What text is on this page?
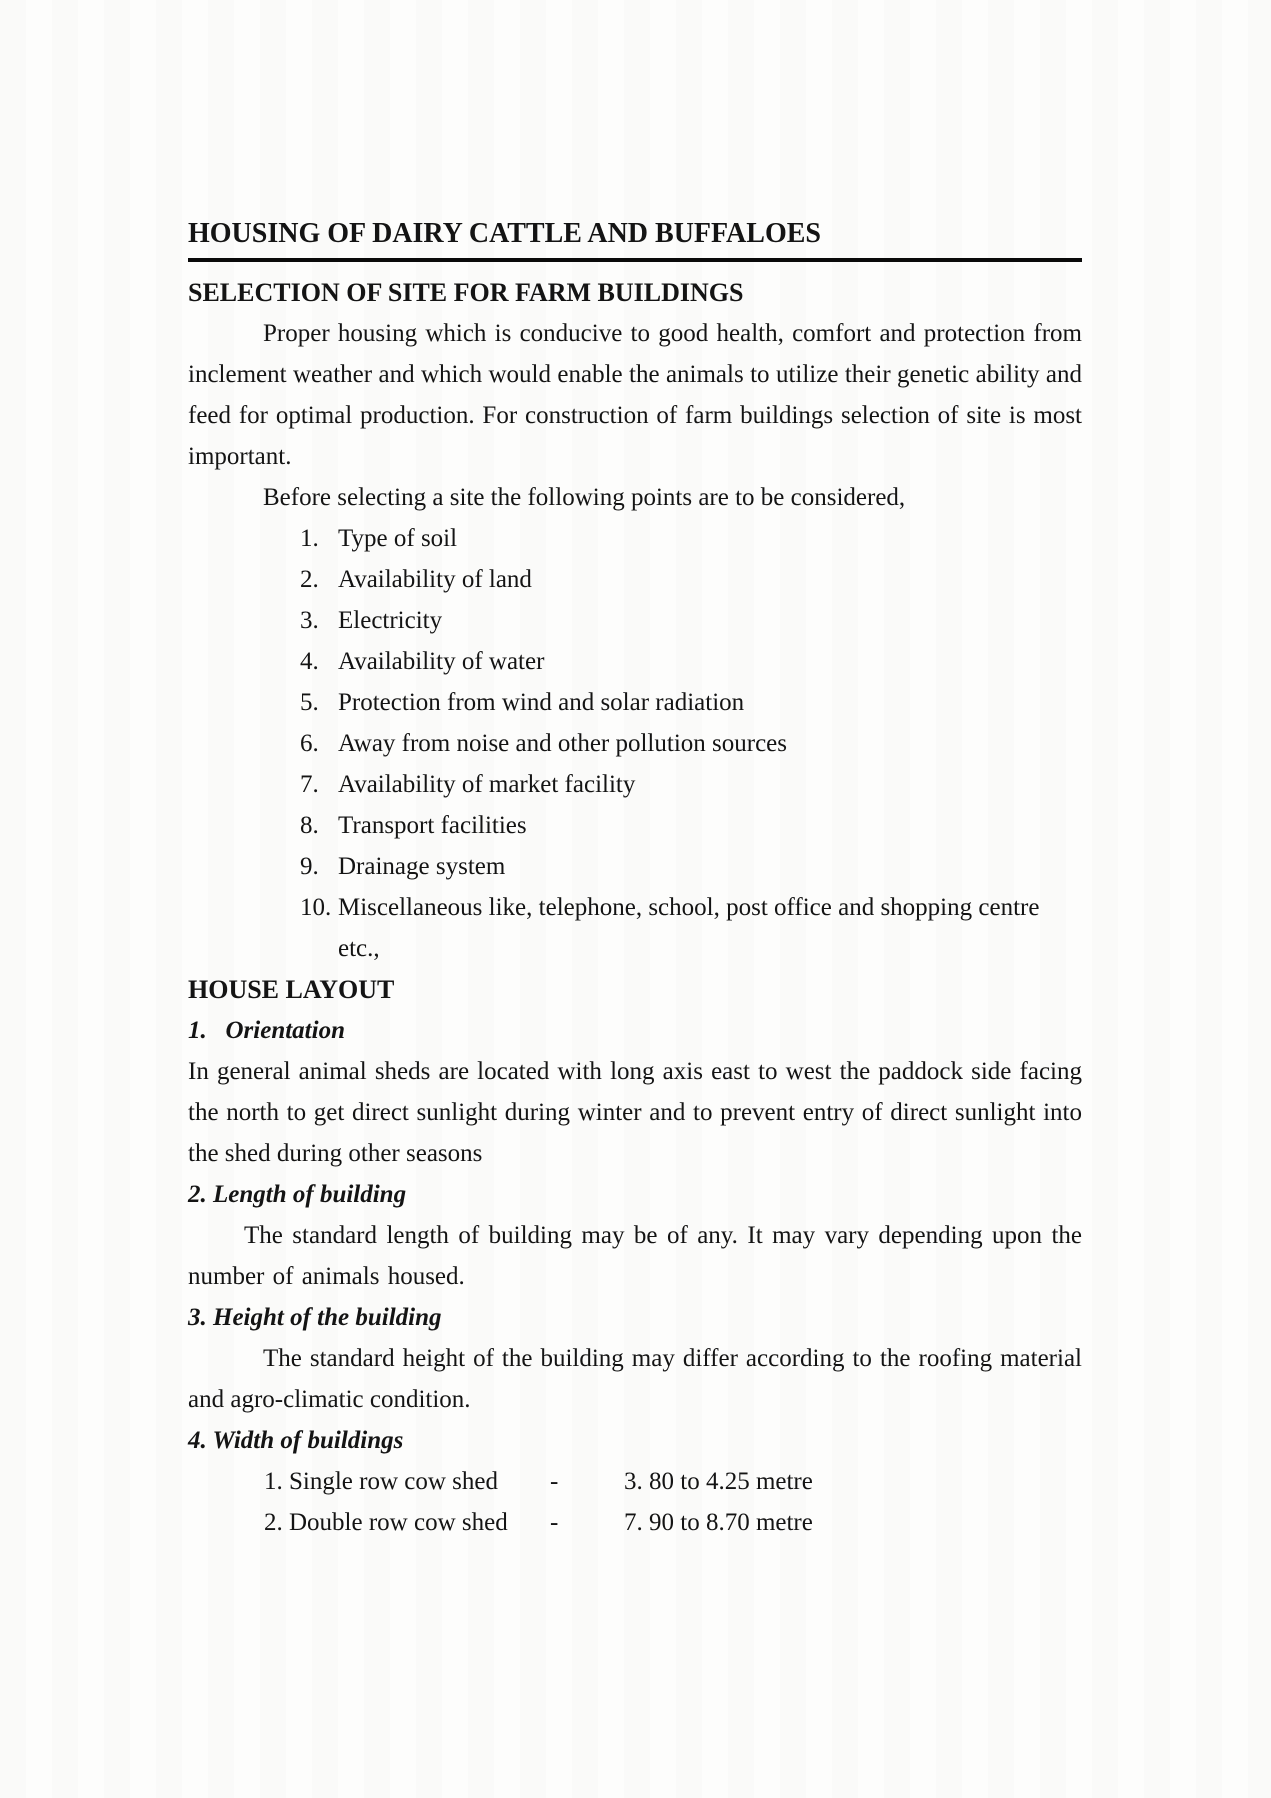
HOUSING OF DAIRY CATTLE AND BUFFALOES
SELECTION OF SITE FOR FARM BUILDINGS
Proper housing which is conducive to good health, comfort and protection from inclement weather and which would enable the animals to utilize their genetic ability and feed for optimal production. For construction of farm buildings selection of site is most important.
Before selecting a site the following points are to be considered,
1. Type of soil
2. Availability of land
3. Electricity
4. Availability of water
5. Protection from wind and solar radiation
6. Away from noise and other pollution sources
7. Availability of market facility
8. Transport facilities
9. Drainage system
10. Miscellaneous like, telephone, school, post office and shopping centre etc.,
HOUSE LAYOUT
1.   Orientation
In general animal sheds are located with long axis east to west the paddock side facing the north to get direct sunlight during winter and to prevent entry of direct sunlight into the shed during other seasons
2. Length of building
The standard length of building may be of any. It may vary depending upon the number of animals housed.
3. Height of the building
The standard height of the building may differ according to the roofing material and agro-climatic condition.
4. Width of buildings
1. Single row cow shed	-	3. 80 to 4.25 metre
2. Double row cow shed	-	7. 90 to 8.70 metre
